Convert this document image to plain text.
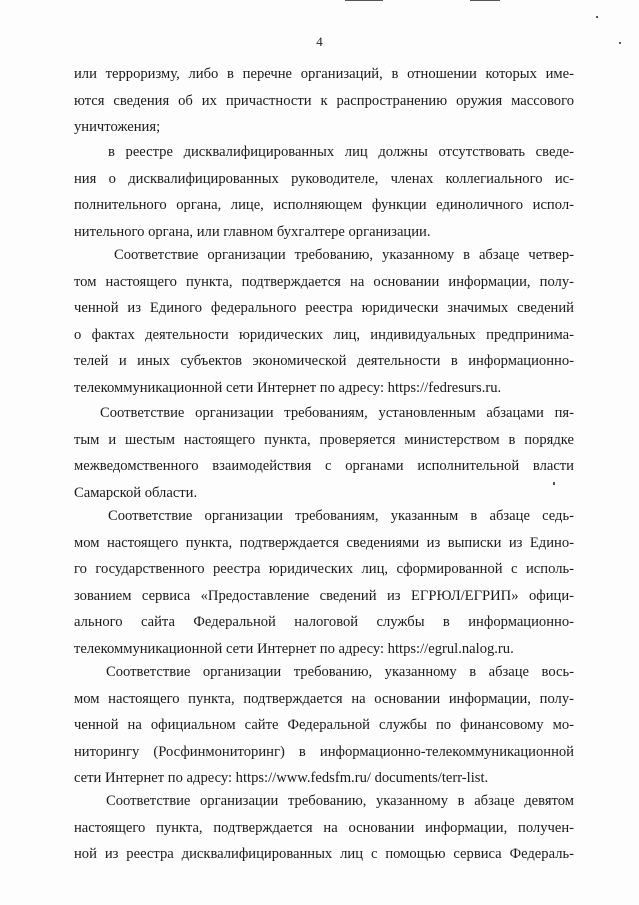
4
или терроризму, либо в перечне организаций, в отношении которых име-
ются сведения об их причастности к распространению оружия массового
уничтожения;
в реестре дисквалифицированных лиц должны отсутствовать сведе-
ния о дисквалифицированных руководителе, членах коллегиального ис-
полнительного органа, лице, исполняющем функции единоличного испол-
нительного органа, или главном бухгалтере организации.
Соответствие организации требованию, указанному в абзаце четвер-
том настоящего пункта, подтверждается на основании информации, полу-
ченной из Единого федерального реестра юридически значимых сведений
о фактах деятельности юридических лиц, индивидуальных предпринима-
телей и иных субъектов экономической деятельности в информационно-
телекоммуникационной сети Интернет по адресу: https://fedresurs.ru.
Соответствие организации требованиям, установленным абзацами пя-
тым и шестым настоящего пункта, проверяется министерством в порядке
межведомственного взаимодействия с органами исполнительной власти
Самарской области.
Соответствие организации требованиям, указанным в абзаце седь-
мом настоящего пункта, подтверждается сведениями из выписки из Едино-
го государственного реестра юридических лиц, сформированной с исполь-
зованием сервиса «Предоставление сведений из ЕГРЮЛ/ЕГРИП» офици-
ального сайта Федеральной налоговой службы в информационно-
телекоммуникационной сети Интернет по адресу: https://egrul.nalog.ru.
Соответствие организации требованию, указанному в абзаце вось-
мом настоящего пункта, подтверждается на основании информации, полу-
ченной на официальном сайте Федеральной службы по финансовому мо-
ниторингу (Росфинмониторинг) в информационно-телекоммуникационной
сети Интернет по адресу: https://www.fedsfm.ru/ documents/terr-list.
Соответствие организации требованию, указанному в абзаце девятом
настоящего пункта, подтверждается на основании информации, получен-
ной из реестра дисквалифицированных лиц с помощью сервиса Федераль-
